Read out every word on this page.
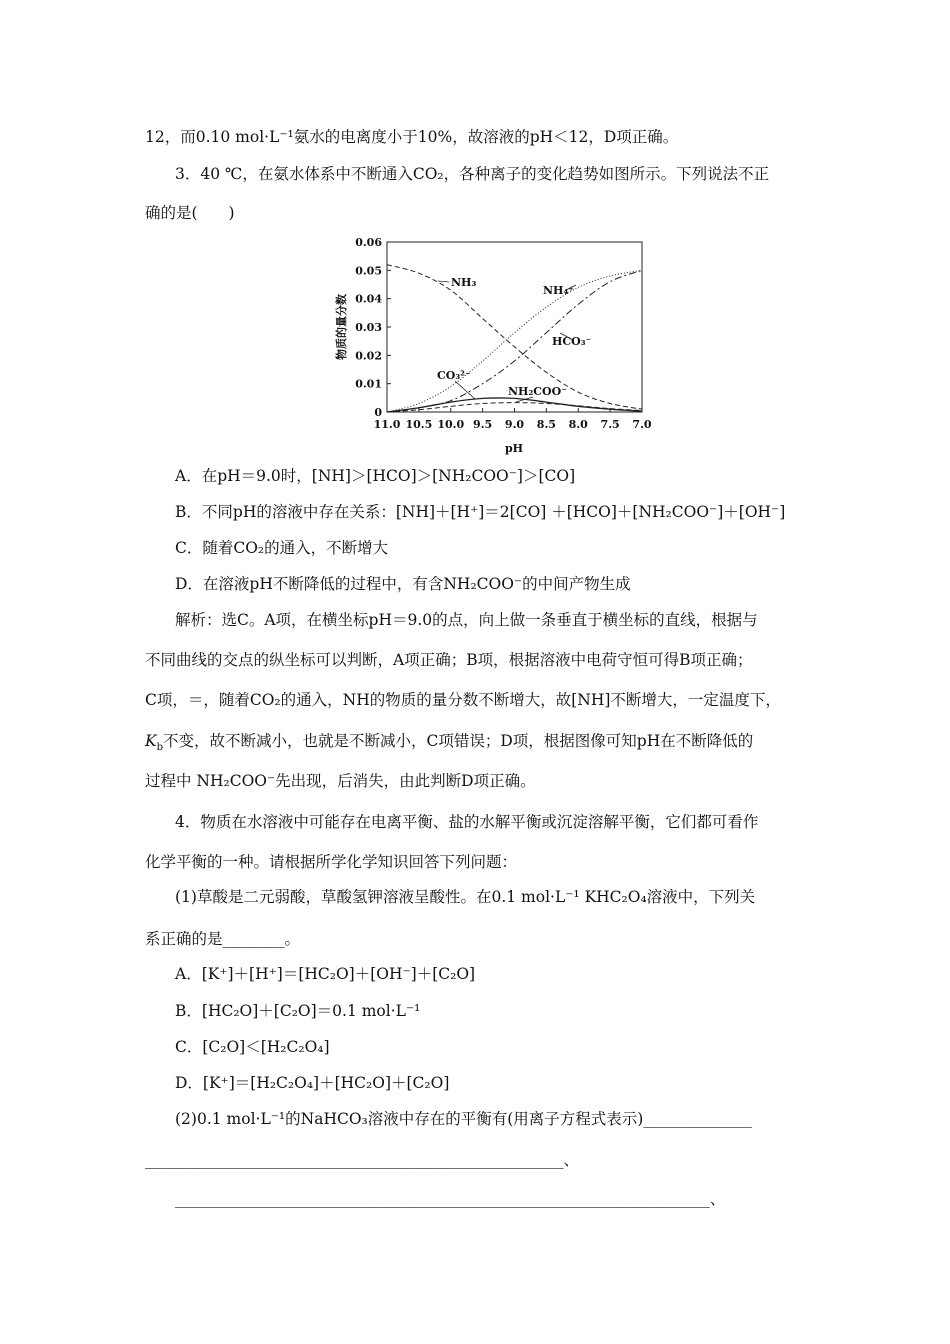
12，而0.10 mol·L⁻¹氨水的电离度小于10%，故溶液的pH＜12，D项正确。
3．40 ℃，在氨水体系中不断通入CO₂，各种离子的变化趋势如图所示。下列说法不正
确的是(　　)
0
0.01
0.02
0.03
0.04
0.05
0.06
11.0 10.5 10.0 9.5 9.0 8.5 8.0 7.5 7.0
物质的量分数
pH
NH₃
NH₄⁺
HCO₃⁻
CO₃²⁻
NH₂COO⁻
A．在pH＝9.0时，[NH]＞[HCO]＞[NH₂COO⁻]＞[CO]
B．不同pH的溶液中存在关系：[NH]＋[H⁺]＝2[CO] ＋[HCO]＋[NH₂COO⁻]＋[OH⁻]
C．随着CO₂的通入，不断增大
D．在溶液pH不断降低的过程中，有含NH₂COO⁻的中间产物生成
解析：选C。A项，在横坐标pH＝9.0的点，向上做一条垂直于横坐标的直线，根据与
不同曲线的交点的纵坐标可以判断，A项正确；B项，根据溶液中电荷守恒可得B项正确；
C项，＝，随着CO₂的通入，NH的物质的量分数不断增大，故[NH]不断增大，一定温度下，
$K_b$不变，故不断减小，也就是不断减小，C项错误；D项，根据图像可知pH在不断降低的
过程中 NH₂COO⁻先出现，后消失，由此判断D项正确。
4．物质在水溶液中可能存在电离平衡、盐的水解平衡或沉淀溶解平衡，它们都可看作
化学平衡的一种。请根据所学化学知识回答下列问题：
(1)草酸是二元弱酸，草酸氢钾溶液呈酸性。在0.1 mol·L⁻¹ KHC₂O₄溶液中，下列关
系正确的是________。
A．[K⁺]＋[H⁺]＝[HC₂O]＋[OH⁻]＋[C₂O]
B．[HC₂O]＋[C₂O]＝0.1 mol·L⁻¹
C．[C₂O]＜[H₂C₂O₄]
D．[K⁺]＝[H₂C₂O₄]＋[HC₂O]＋[C₂O]
(2)0.1 mol·L⁻¹的NaHCO₃溶液中存在的平衡有(用离子方程式表示)______________
______________________________________________________、
_____________________________________________________________________、
